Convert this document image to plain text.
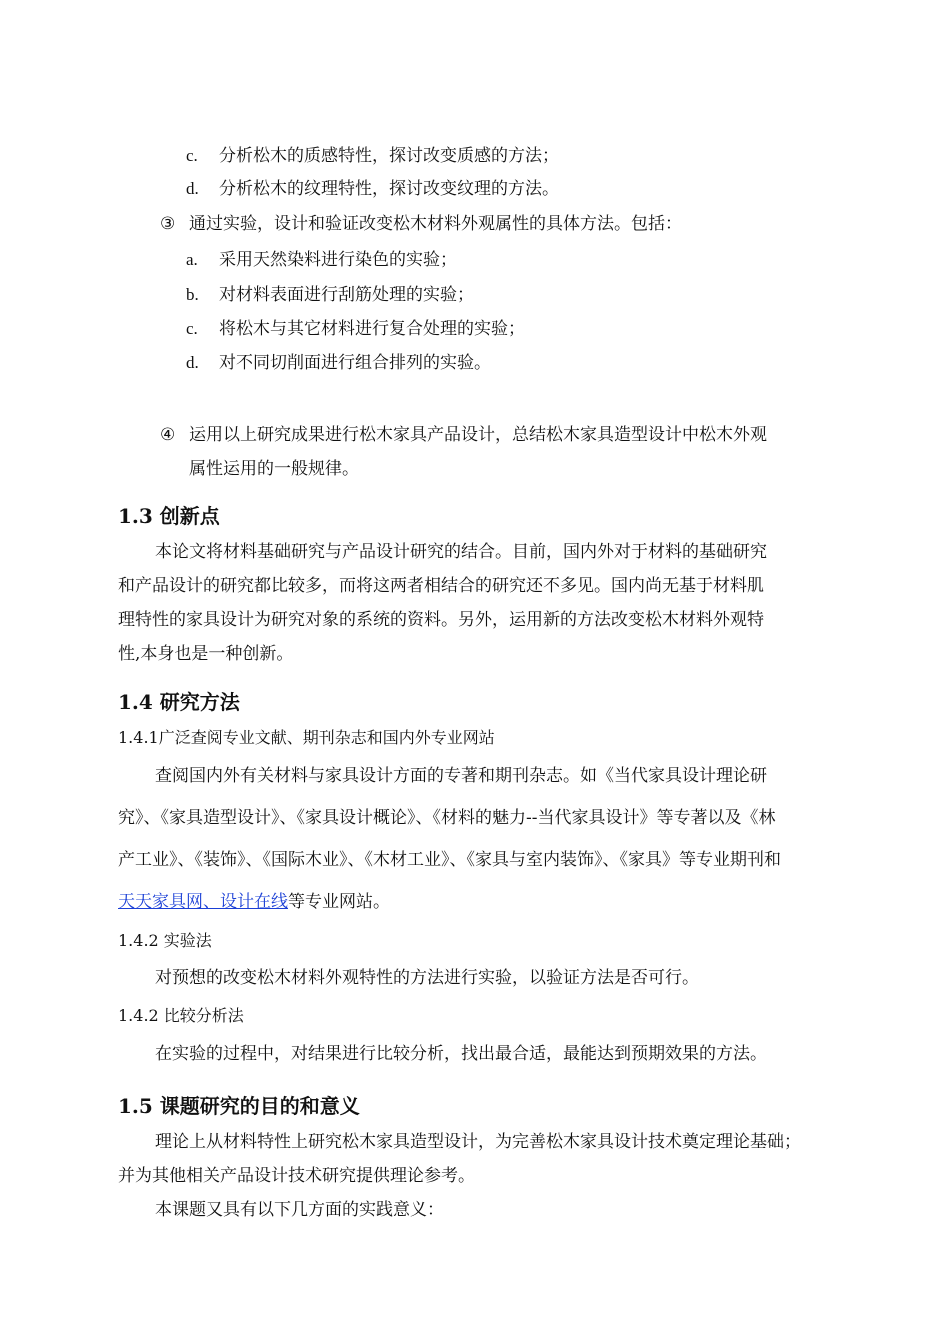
c. 分析松木的质感特性，探讨改变质感的方法；
d. 分析松木的纹理特性，探讨改变纹理的方法。
③ 通过实验，设计和验证改变松木材料外观属性的具体方法。包括：
a. 采用天然染料进行染色的实验；
b. 对材料表面进行刮筋处理的实验；
c. 将松木与其它材料进行复合处理的实验；
d. 对不同切削面进行组合排列的实验。
④ 运用以上研究成果进行松木家具产品设计，总结松木家具造型设计中松木外观
属性运用的一般规律。
1.3 创新点
本论文将材料基础研究与产品设计研究的结合。目前，国内外对于材料的基础研究
和产品设计的研究都比较多，而将这两者相结合的研究还不多见。国内尚无基于材料肌
理特性的家具设计为研究对象的系统的资料。另外，运用新的方法改变松木材料外观特
性,本身也是一种创新。
1.4 研究方法
1.4.1广泛查阅专业文献、期刊杂志和国内外专业网站
查阅国内外有关材料与家具设计方面的专著和期刊杂志。如《当代家具设计理论研
究》、《家具造型设计》、《家具设计概论》、《材料的魅力--当代家具设计》等专著以及《林
产工业》、《装饰》、《国际木业》、《木材工业》、《家具与室内装饰》、《家具》等专业期刊和
天天家具网、设计在线等专业网站。
1.4.2 实验法
对预想的改变松木材料外观特性的方法进行实验，以验证方法是否可行。
1.4.2 比较分析法
在实验的过程中，对结果进行比较分析，找出最合适，最能达到预期效果的方法。
1.5 课题研究的目的和意义
理论上从材料特性上研究松木家具造型设计，为完善松木家具设计技术奠定理论基础；
并为其他相关产品设计技术研究提供理论参考。
本课题又具有以下几方面的实践意义：
